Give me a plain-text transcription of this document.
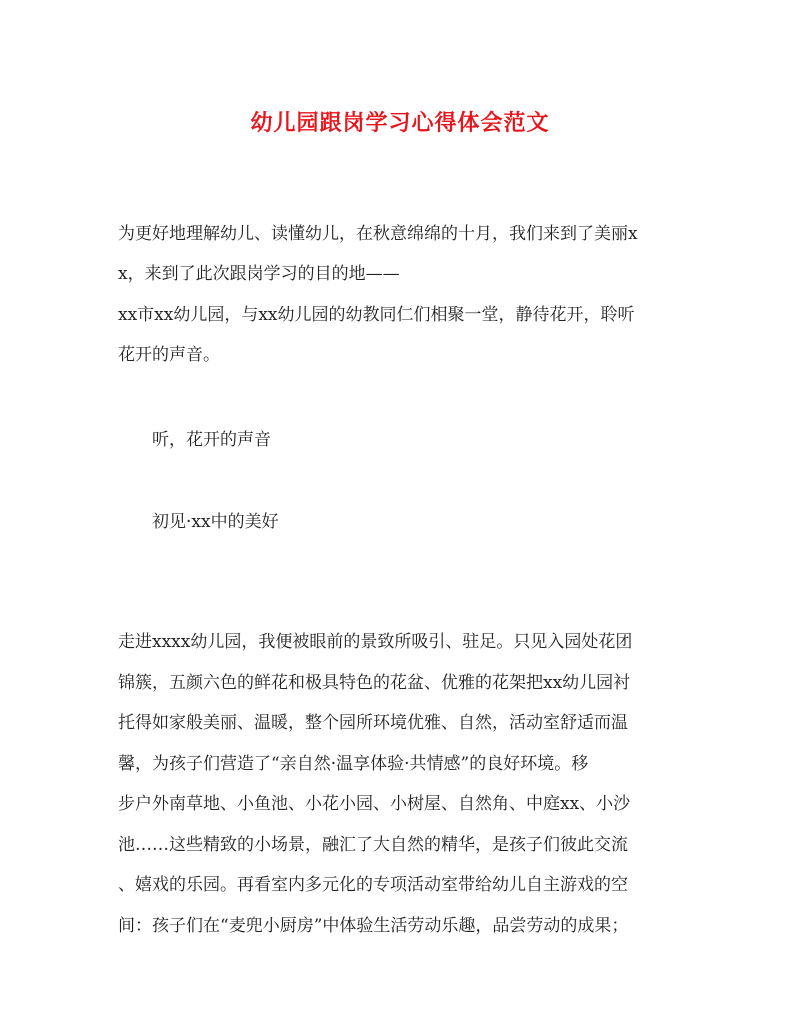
幼儿园跟岗学习心得体会范文
为更好地理解幼儿、读懂幼儿，在秋意绵绵的十月，我们来到了美丽x
x，来到了此次跟岗学习的目的地——
xx市xx幼儿园，与xx幼儿园的幼教同仁们相聚一堂，静待花开，聆听
花开的声音。
听，花开的声音
初见·xx中的美好
走进xxxx幼儿园，我便被眼前的景致所吸引、驻足。只见入园处花团
锦簇，五颜六色的鲜花和极具特色的花盆、优雅的花架把xx幼儿园衬
托得如家般美丽、温暖，整个园所环境优雅、自然，活动室舒适而温
馨，为孩子们营造了“亲自然·温享体验·共情感”的良好环境。移
步户外南草地、小鱼池、小花小园、小树屋、自然角、中庭xx、小沙
池……这些精致的小场景，融汇了大自然的精华，是孩子们彼此交流
、嬉戏的乐园。再看室内多元化的专项活动室带给幼儿自主游戏的空
间：孩子们在“麦兜小厨房”中体验生活劳动乐趣，品尝劳动的成果；
